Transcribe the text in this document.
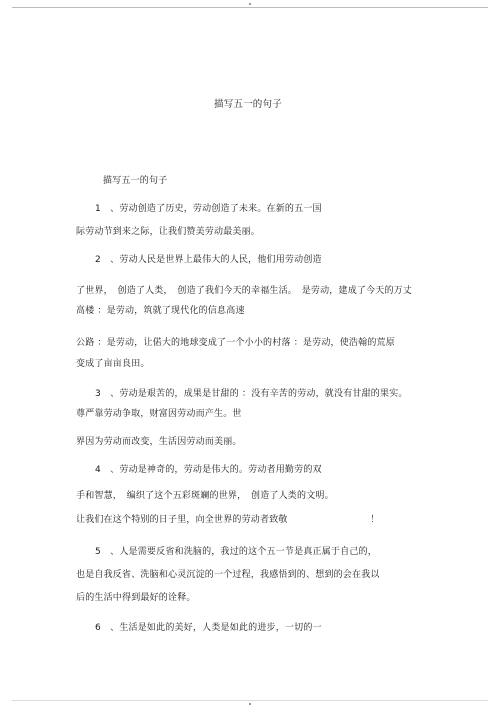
描写五一的句子
描写五一的句子
1　、劳动创造了历史，劳动创造了未来。在新的五一国
际劳动节到来之际，让我们赞美劳动最美丽。
2　、劳动人民是世界上最伟大的人民，他们用劳动创造
了世界，　创造了人类，　创造了我们今天的幸福生活。　是劳动，建成了今天的万丈
高楼 ：是劳动，筑就了现代化的信息高速
公路 ：是劳动，让偌大的地球变成了一个小小的村落 ：是劳动，使浩翰的荒原
变成了亩亩良田。
3　、劳动是艰苦的，成果是甘甜的 ：没有辛苦的劳动，就没有甘甜的果实。
尊严靠劳动争取，财富因劳动而产生。世
界因为劳动而改变，生活因劳动而美丽。
4　、劳动是神奇的，劳动是伟大的。劳动者用勤劳的双
手和智慧，　编织了这个五彩斑斓的世界，　创造了人类的文明。
让我们在这个特别的日子里，向全世界的劳动者致敬　　　　　　　　　！
5　、人是需要反省和洗脑的，我过的这个五一节是真正属于自己的，
也是自我反省、洗脑和心灵沉淀的一个过程，我感悟到的、想到的会在我以
后的生活中得到最好的诠释。
6　、生活是如此的美好，人类是如此的进步，一切的一
